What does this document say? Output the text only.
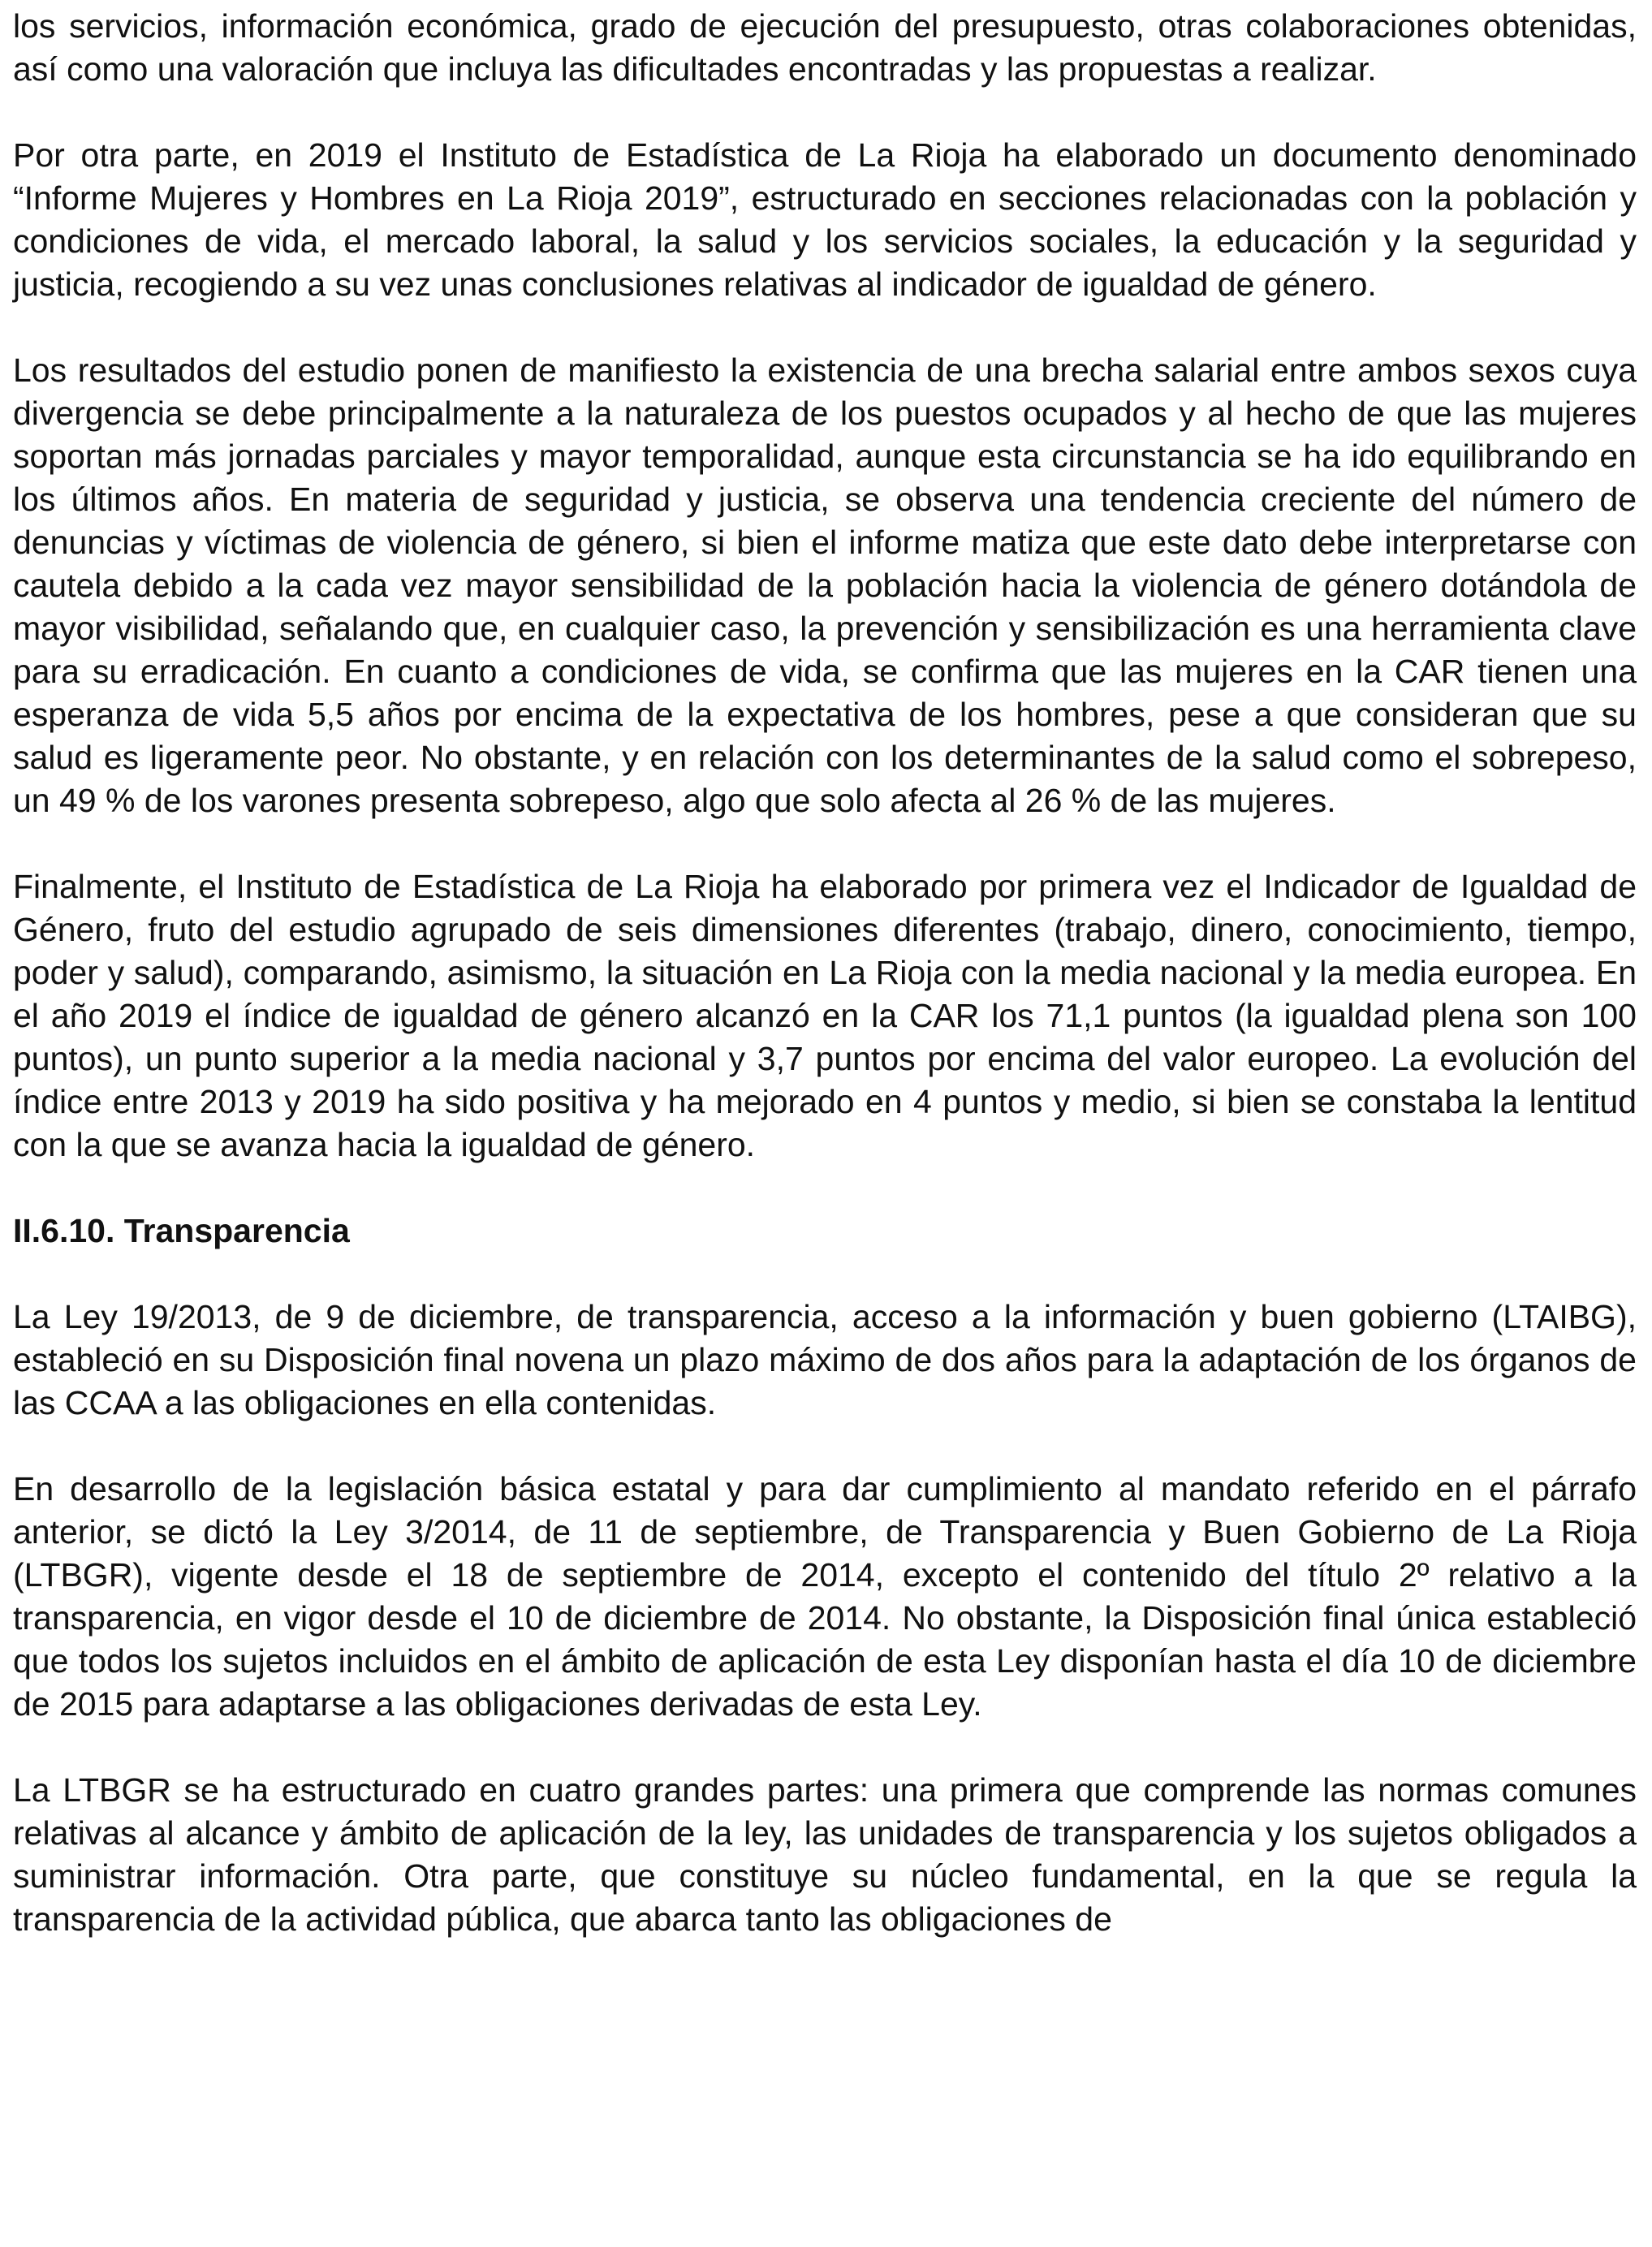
los servicios, información económica, grado de ejecución del presupuesto, otras colaboraciones obtenidas, así como una valoración que incluya las dificultades encontradas y las propuestas a realizar.

Por otra parte, en 2019 el Instituto de Estadística de La Rioja ha elaborado un documento denominado “Informe Mujeres y Hombres en La Rioja 2019”, estructurado en secciones relacionadas con la población y condiciones de vida, el mercado laboral, la salud y los servicios sociales, la educación y la seguridad y justicia, recogiendo a su vez unas conclusiones relativas al indicador de igualdad de género.

Los resultados del estudio ponen de manifiesto la existencia de una brecha salarial entre ambos sexos cuya divergencia se debe principalmente a la naturaleza de los puestos ocupados y al hecho de que las mujeres soportan más jornadas parciales y mayor temporalidad, aunque esta circunstancia se ha ido equilibrando en los últimos años. En materia de seguridad y justicia, se observa una tendencia creciente del número de denuncias y víctimas de violencia de género, si bien el informe matiza que este dato debe interpretarse con cautela debido a la cada vez mayor sensibilidad de la población hacia la violencia de género dotándola de mayor visibilidad, señalando que, en cualquier caso, la prevención y sensibilización es una herramienta clave para su erradicación. En cuanto a condiciones de vida, se confirma que las mujeres en la CAR tienen una esperanza de vida 5,5 años por encima de la expectativa de los hombres, pese a que consideran que su salud es ligeramente peor. No obstante, y en relación con los determinantes de la salud como el sobrepeso, un 49 % de los varones presenta sobrepeso, algo que solo afecta al 26 % de las mujeres.

Finalmente, el Instituto de Estadística de La Rioja ha elaborado por primera vez el Indicador de Igualdad de Género, fruto del estudio agrupado de seis dimensiones diferentes (trabajo, dinero, conocimiento, tiempo, poder y salud), comparando, asimismo, la situación en La Rioja con la media nacional y la media europea. En el año 2019 el índice de igualdad de género alcanzó en la CAR los 71,1 puntos (la igualdad plena son 100 puntos), un punto superior a la media nacional y 3,7 puntos por encima del valor europeo. La evolución del índice entre 2013 y 2019 ha sido positiva y ha mejorado en 4 puntos y medio, si bien se constaba la lentitud con la que se avanza hacia la igualdad de género.

II.6.10. Transparencia

La Ley 19/2013, de 9 de diciembre, de transparencia, acceso a la información y buen gobierno (LTAIBG), estableció en su Disposición final novena un plazo máximo de dos años para la adaptación de los órganos de las CCAA a las obligaciones en ella contenidas.

En desarrollo de la legislación básica estatal y para dar cumplimiento al mandato referido en el párrafo anterior, se dictó la Ley 3/2014, de 11 de septiembre, de Transparencia y Buen Gobierno de La Rioja (LTBGR), vigente desde el 18 de septiembre de 2014, excepto el contenido del título 2º relativo a la transparencia, en vigor desde el 10 de diciembre de 2014. No obstante, la Disposición final única estableció que todos los sujetos incluidos en el ámbito de aplicación de esta Ley disponían hasta el día 10 de diciembre de 2015 para adaptarse a las obligaciones derivadas de esta Ley.

La LTBGR se ha estructurado en cuatro grandes partes: una primera que comprende las normas comunes relativas al alcance y ámbito de aplicación de la ley, las unidades de transparencia y los sujetos obligados a suministrar información. Otra parte, que constituye su núcleo fundamental, en la que se regula la transparencia de la actividad pública, que abarca tanto las obligaciones de
